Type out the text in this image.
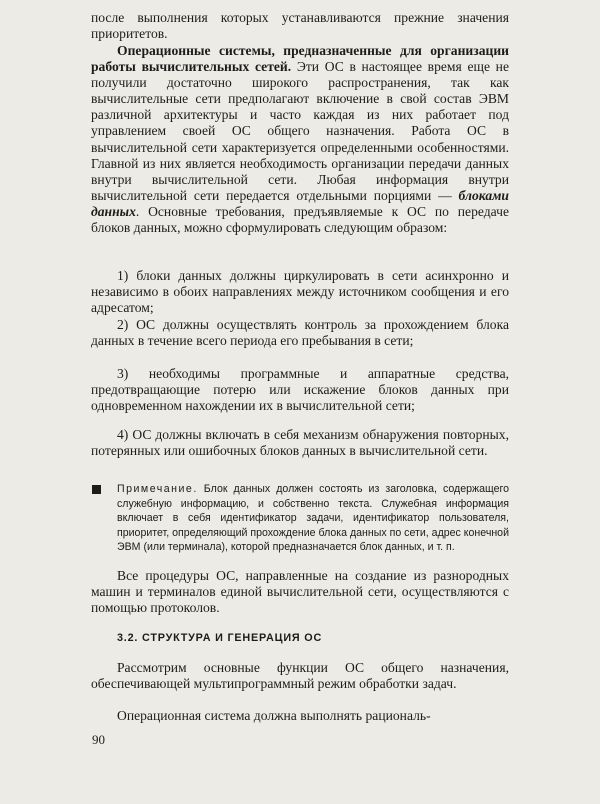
после выполнения которых устанавливаются прежние значения приоритетов.

Операционные системы, предназначенные для организации работы вычислительных сетей. Эти ОС в настоящее время еще не получили достаточно широкого распространения, так как вычислительные сети предполагают включение в свой состав ЭВМ различной архитектуры и часто каждая из них работает под управлением своей ОС общего назначения. Работа ОС в вычислительной сети характеризуется определенными особенностями. Главной из них является необходимость организации передачи данных внутри вычислительной сети. Любая информация внутри вычислительной сети передается отдельными порциями — блоками данных. Основные требования, предъявляемые к ОС по передаче блоков данных, можно сформулировать следующим образом:

1) блоки данных должны циркулировать в сети асинхронно и независимо в обоих направлениях между источником сообщения и его адресатом;

2) ОС должны осуществлять контроль за прохождением блока данных в течение всего периода его пребывания в сети;

3) необходимы программные и аппаратные средства, предотвращающие потерю или искажение блоков данных при одновременном нахождении их в вычислительной сети;

4) ОС должны включать в себя механизм обнаружения повторных, потерянных или ошибочных блоков данных в вычислительной сети.

Примечание. Блок данных должен состоять из заголовка, содержащего служебную информацию, и собственно текста. Служебная информация включает в себя идентификатор задачи, идентификатор пользователя, приоритет, определяющий прохождение блока данных по сети, адрес конечной ЭВМ (или терминала), которой предназначается блок данных, и т. п.

Все процедуры ОС, направленные на создание из разнородных машин и терминалов единой вычислительной сети, осуществляются с помощью протоколов.

3.2. СТРУКТУРА И ГЕНЕРАЦИЯ ОС

Рассмотрим основные функции ОС общего назначения, обеспечивающей мультипрограммный режим обработки задач.

Операционная система должна выполнять рациональ-

90
